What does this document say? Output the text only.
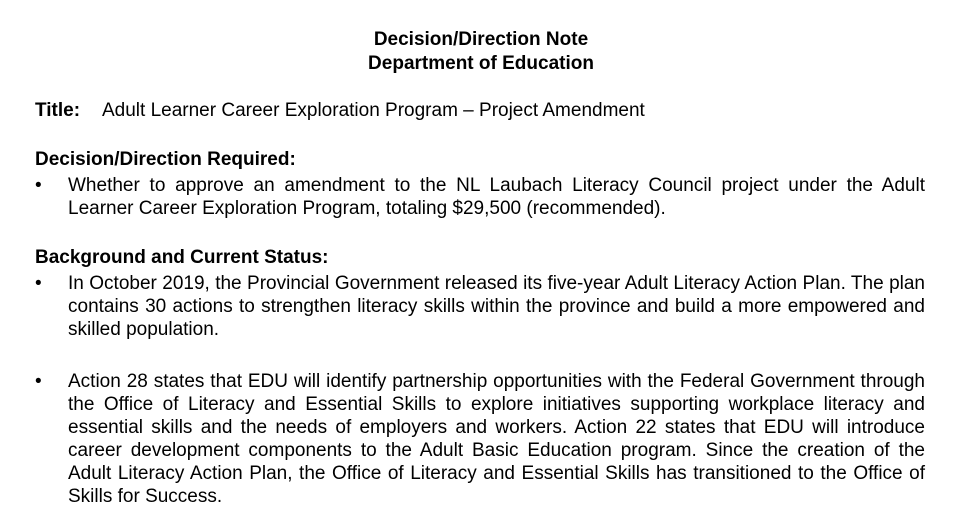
Decision/Direction Note
Department of Education
Title: Adult Learner Career Exploration Program – Project Amendment
Decision/Direction Required:
•	Whether to approve an amendment to the NL Laubach Literacy Council project under the Adult Learner Career Exploration Program, totaling $29,500 (recommended).
Background and Current Status:
•	In October 2019, the Provincial Government released its five-year Adult Literacy Action Plan. The plan contains 30 actions to strengthen literacy skills within the province and build a more empowered and skilled population.
•	Action 28 states that EDU will identify partnership opportunities with the Federal Government through the Office of Literacy and Essential Skills to explore initiatives supporting workplace literacy and essential skills and the needs of employers and workers. Action 22 states that EDU will introduce career development components to the Adult Basic Education program. Since the creation of the Adult Literacy Action Plan, the Office of Literacy and Essential Skills has transitioned to the Office of Skills for Success.
